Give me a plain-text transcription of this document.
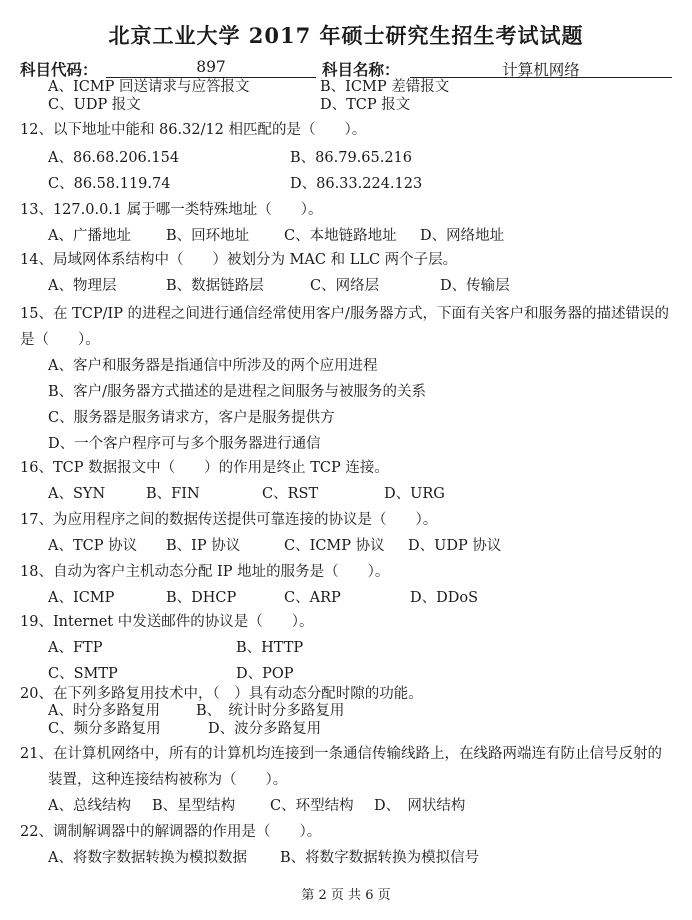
北京工业大学 2017 年硕士研究生招生考试试题
科目代码：	897	科目名称：	计算机网络
A、ICMP 回送请求与应答报文	B、ICMP 差错报文
C、UDP 报文	D、TCP 报文
12、以下地址中能和 86.32/12 相匹配的是（　　）。
A、86.68.206.154	B、86.79.65.216
C、86.58.119.74	D、86.33.224.123
13、127.0.0.1 属于哪一类特殊地址（　　）。
A、广播地址 B、回环地址 C、本地链路地址 D、网络地址
14、局域网体系结构中（　　）被划分为 MAC 和 LLC 两个子层。
A、物理层	B、数据链路层	C、网络层	D、传输层
15、在 TCP/IP 的进程之间进行通信经常使用客户/服务器方式，下面有关客户和服务器的描述错误的
是（　　）。
A、客户和服务器是指通信中所涉及的两个应用进程
B、客户/服务器方式描述的是进程之间服务与被服务的关系
C、服务器是服务请求方，客户是服务提供方
D、一个客户程序可与多个服务器进行通信
16、TCP 数据报文中（　　）的作用是终止 TCP 连接。
A、SYN	B、FIN	C、RST	D、URG
17、为应用程序之间的数据传送提供可靠连接的协议是（　　）。
A、TCP 协议 B、IP 协议	C、ICMP 协议 D、UDP 协议
18、自动为客户主机动态分配 IP 地址的服务是（　　）。
A、ICMP	B、DHCP	C、ARP	D、DDoS
19、Internet 中发送邮件的协议是（　　）。
A、FTP	B、HTTP
C、SMTP	D、POP
20、在下列多路复用技术中，（　）具有动态分配时隙的功能。
A、时分多路复用 B、　统计时分多路复用
C、频分多路复用	D、波分多路复用
21、在计算机网络中，所有的计算机均连接到一条通信传输线路上，在线路两端连有防止信号反射的
装置，这种连接结构被称为（　　）。
A、总线结构 B、星型结构 C、环型结构 D、　网状结构
22、调制解调器中的解调器的作用是（　　）。
A、将数字数据转换为模拟数据 B、将数字数据转换为模拟信号
第 2 页 共 6 页
